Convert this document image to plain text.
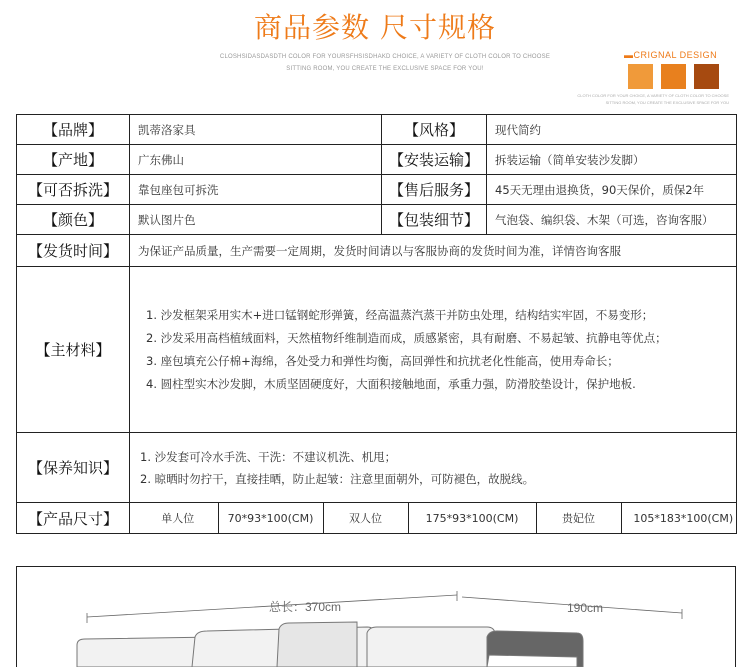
商品参数 尺寸规格
CLOSHSIDASDASDTH COLOR FOR YOURSFHSISDHAKD CHOICE, A VARIETY OF CLOTH COLOR TO CHOOSE
SITTING ROOM, YOU CREATE THE EXCLUSIVE SPACE FOR YOU!
▬CRIGNAL DESIGN
CLOTH COLOR FOR YOUR CHOICE, A VARIETY OF CLOTH COLOR TO CHOOSE
SITTING ROOM, YOU CREATE THE EXCLUSIVE SPACE FOR YOU
【品牌】	凯蒂洛家具	【风格】	现代简约
【产地】	广东佛山	【安装运输】	拆装运输（简单安装沙发脚）
【可否拆洗】	靠包座包可拆洗	【售后服务】	45天无理由退换货，90天保价，质保2年
【颜色】	默认图片色	【包装细节】	气泡袋、编织袋、木架（可选，咨询客服）
【发货时间】	为保证产品质量，生产需要一定周期，发货时间请以与客服协商的发货时间为准，详情咨询客服
【主材料】	
1. 沙发框架采用实木+进口锰钢蛇形弹簧，经高温蒸汽蒸干并防虫处理，结构结实牢固，不易变形；
2. 沙发采用高档植绒面料，天然植物纤维制造而成，质感紧密，具有耐磨、不易起皱、抗静电等优点；
3. 座包填充公仔棉+海绵，各处受力和弹性均衡，高回弹性和抗扰老化性能高，使用寿命长；
4. 圆柱型实木沙发脚，木质坚固硬度好，大面积接触地面，承重力强，防滑胶垫设计，保护地板.

【保养知识】	
1. 沙发套可冷水手洗、干洗：不建议机洗、机甩；
2. 晾晒时勿拧干，直接挂晒，防止起皱：注意里面朝外，可防褪色，故脱线。

【产品尺寸】		单人位	70*93*100(CM)	双人位	175*93*100(CM)	贵妃位	105*183*100(CM)
总长：370cm	190cm
